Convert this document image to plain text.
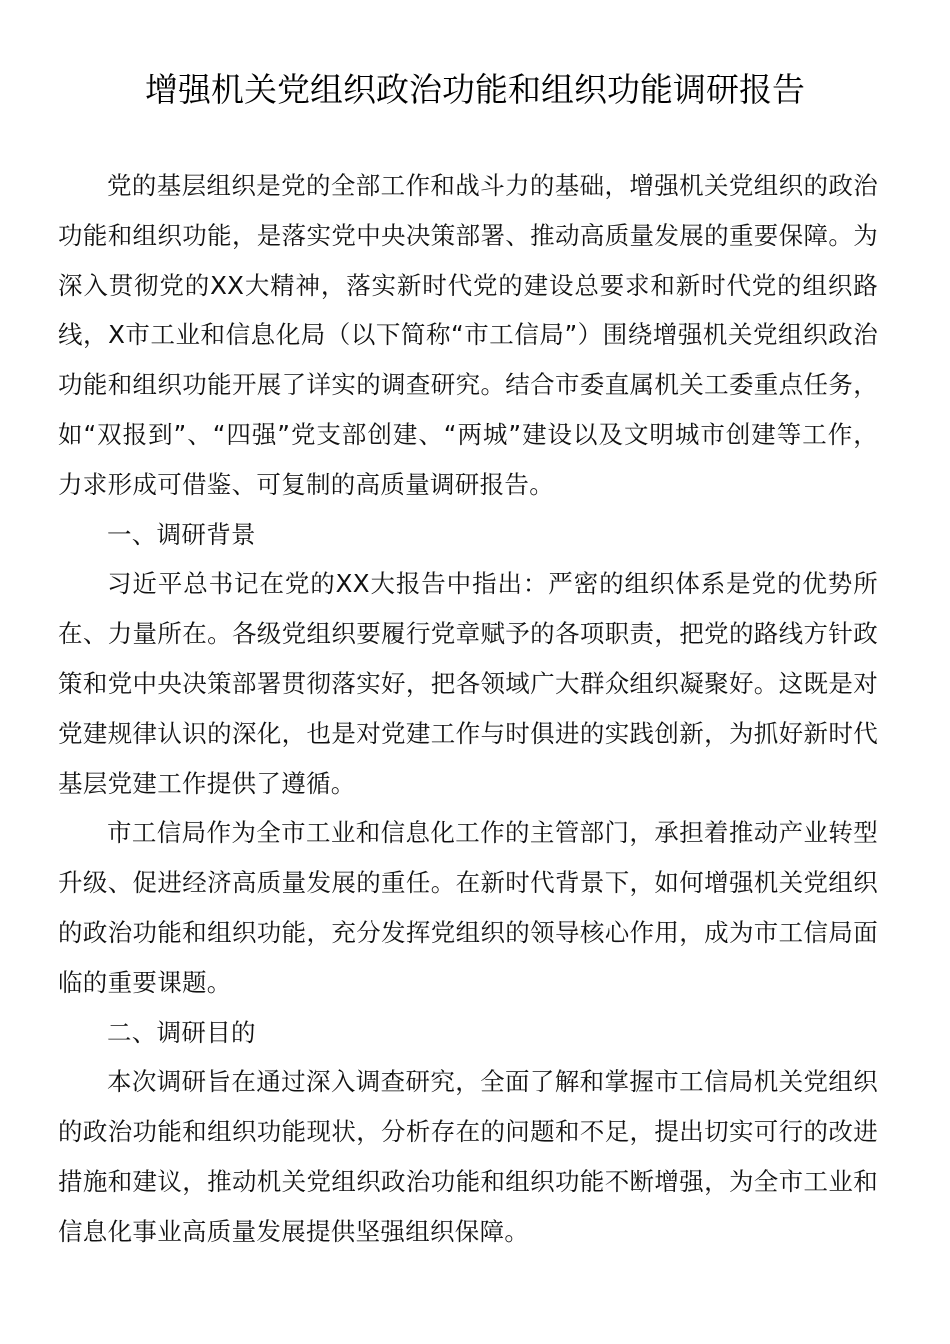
增强机关党组织政治功能和组织功能调研报告

党的基层组织是党的全部工作和战斗力的基础，增强机关党组织的政治功能和组织功能，是落实党中央决策部署、推动高质量发展的重要保障。为深入贯彻党的XX大精神，落实新时代党的建设总要求和新时代党的组织路线，X市工业和信息化局（以下简称“市工信局”）围绕增强机关党组织政治功能和组织功能开展了详实的调查研究。结合市委直属机关工委重点任务，如“双报到”、“四强”党支部创建、“两城”建设以及文明城市创建等工作，力求形成可借鉴、可复制的高质量调研报告。

一、调研背景

习近平总书记在党的XX大报告中指出：严密的组织体系是党的优势所在、力量所在。各级党组织要履行党章赋予的各项职责，把党的路线方针政策和党中央决策部署贯彻落实好，把各领域广大群众组织凝聚好。这既是对党建规律认识的深化，也是对党建工作与时俱进的实践创新，为抓好新时代基层党建工作提供了遵循。

市工信局作为全市工业和信息化工作的主管部门，承担着推动产业转型升级、促进经济高质量发展的重任。在新时代背景下，如何增强机关党组织的政治功能和组织功能，充分发挥党组织的领导核心作用，成为市工信局面临的重要课题。

二、调研目的

本次调研旨在通过深入调查研究，全面了解和掌握市工信局机关党组织的政治功能和组织功能现状，分析存在的问题和不足，提出切实可行的改进措施和建议，推动机关党组织政治功能和组织功能不断增强，为全市工业和信息化事业高质量发展提供坚强组织保障。
